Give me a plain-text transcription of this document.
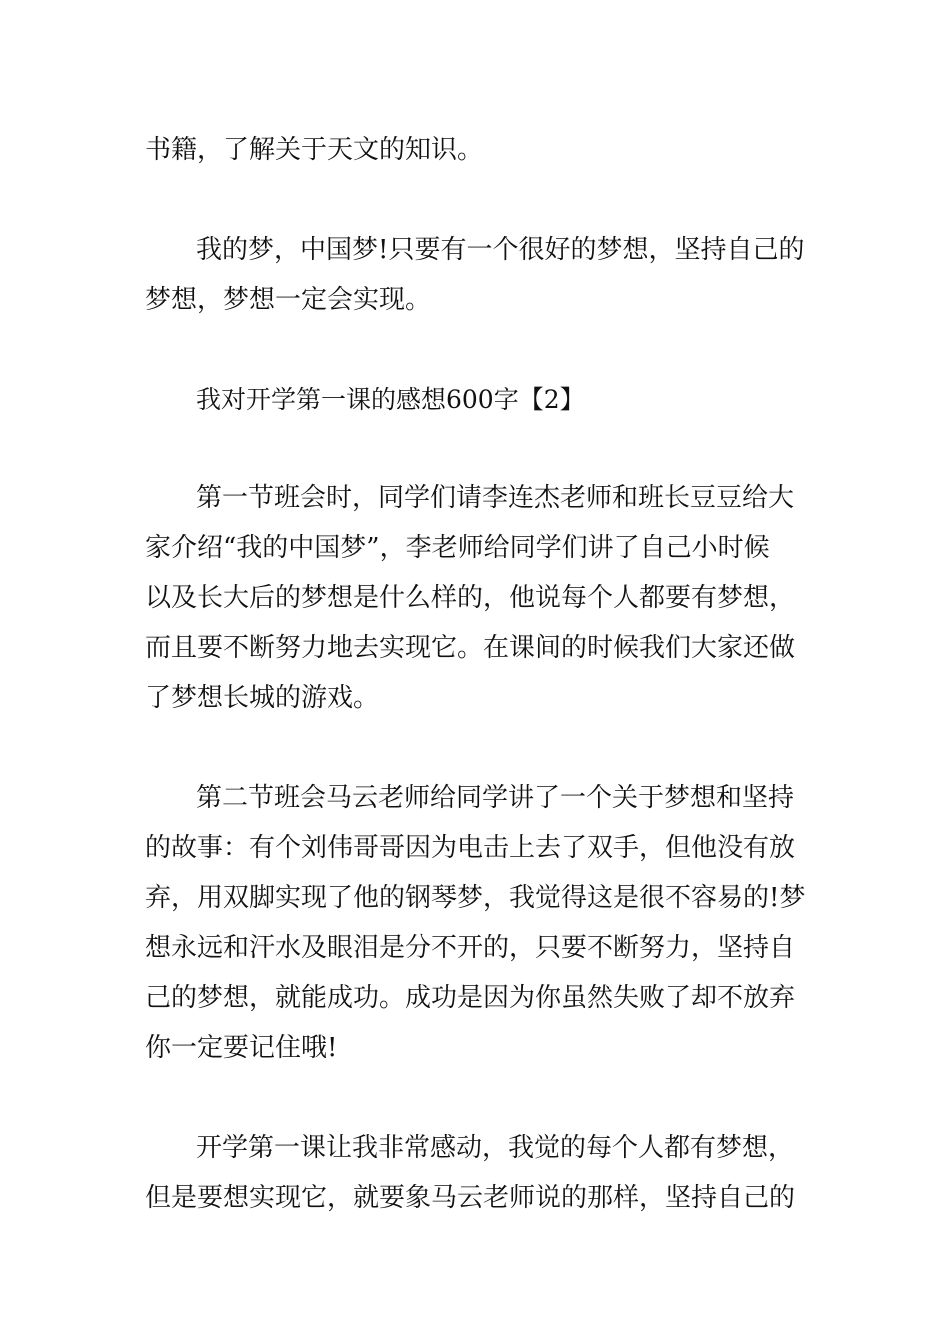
书籍，了解关于天文的知识。
我的梦，中国梦!只要有一个很好的梦想，坚持自己的
梦想，梦想一定会实现。
我对开学第一课的感想600字【2】
第一节班会时，同学们请李连杰老师和班长豆豆给大
家介绍“我的中国梦”，李老师给同学们讲了自己小时候
以及长大后的梦想是什么样的，他说每个人都要有梦想，
而且要不断努力地去实现它。在课间的时候我们大家还做
了梦想长城的游戏。
第二节班会马云老师给同学讲了一个关于梦想和坚持
的故事：有个刘伟哥哥因为电击上去了双手，但他没有放
弃，用双脚实现了他的钢琴梦，我觉得这是很不容易的!梦
想永远和汗水及眼泪是分不开的，只要不断努力，坚持自
己的梦想，就能成功。成功是因为你虽然失败了却不放弃
你一定要记住哦!
开学第一课让我非常感动，我觉的每个人都有梦想，
但是要想实现它，就要象马云老师说的那样，坚持自己的
